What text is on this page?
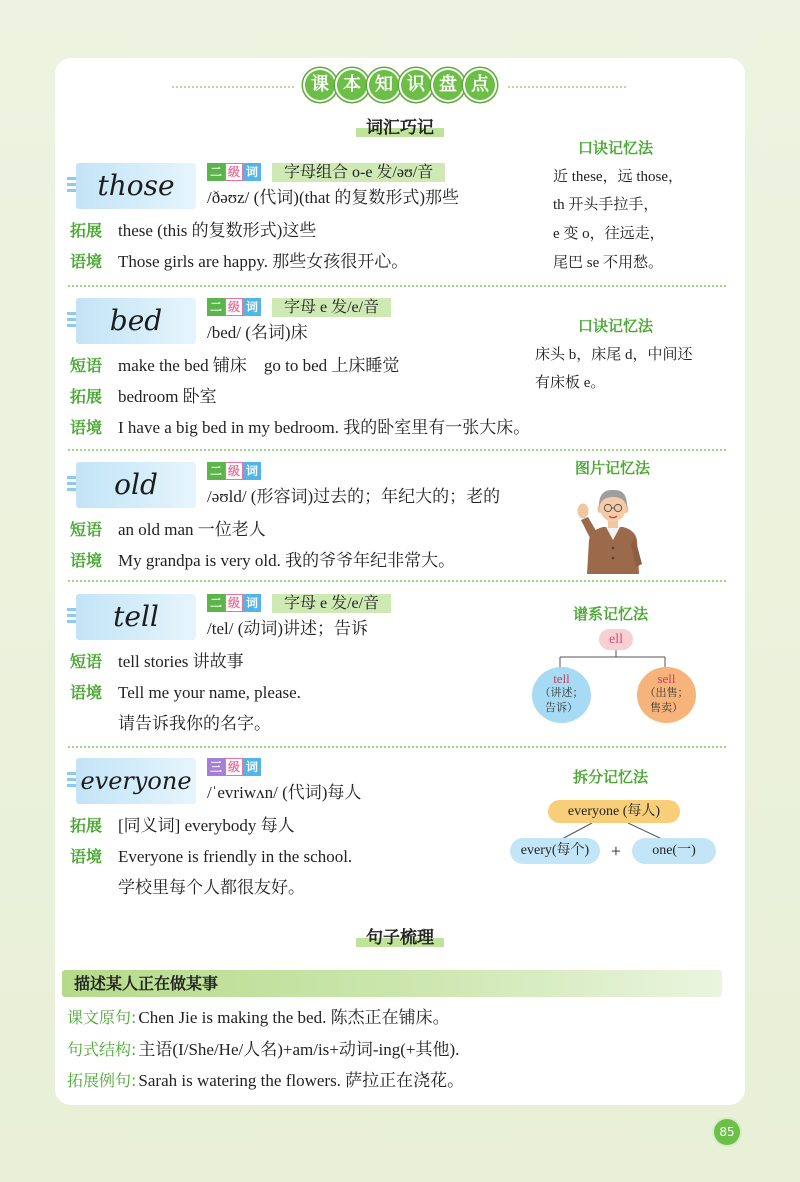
课 本 知 识 盘 点
词汇巧记
those	二 级 词	字母组合 o-e 发/əʊ/音
/ðəʊz/ (代词)(that 的复数形式)那些
拓展 these (this 的复数形式)这些
语境 Those girls are happy. 那些女孩很开心。
口诀记忆法
近 these，远 those，
th 开头手拉手，
e 变 o，往远走，
尾巴 se 不用愁。
bed	二 级 词	字母 e 发/e/音
/bed/ (名词)床
短语 make the bed 铺床    go to bed 上床睡觉
拓展 bedroom 卧室
语境 I have a big bed in my bedroom. 我的卧室里有一张大床。
口诀记忆法
床头 b，床尾 d，中间还
有床板 e。
old	二 级 词
/əʊld/ (形容词)过去的；年纪大的；老的
短语 an old man 一位老人
语境 My grandpa is very old. 我的爷爷年纪非常大。
图片记忆法
tell	二 级 词	字母 e 发/e/音
/tel/ (动词)讲述；告诉
短语 tell stories 讲故事
语境 Tell me your name, please.
请告诉我你的名字。
谱系记忆法
ell
tell
（讲述；
告诉）
sell
（出售；
售卖）
everyone	三 级 词
/ˈevriwʌn/ (代词)每人
拓展 [同义词] everybody 每人
语境 Everyone is friendly in the school.
学校里每个人都很友好。
拆分记忆法
everyone (每人)
every(每个)	+	one(一)
句子梳理
描述某人正在做某事
课文原句: Chen Jie is making the bed. 陈杰正在铺床。
句式结构: 主语(I/She/He/人名)+am/is+动词-ing(+其他).
拓展例句: Sarah is watering the flowers. 萨拉正在浇花。
85
